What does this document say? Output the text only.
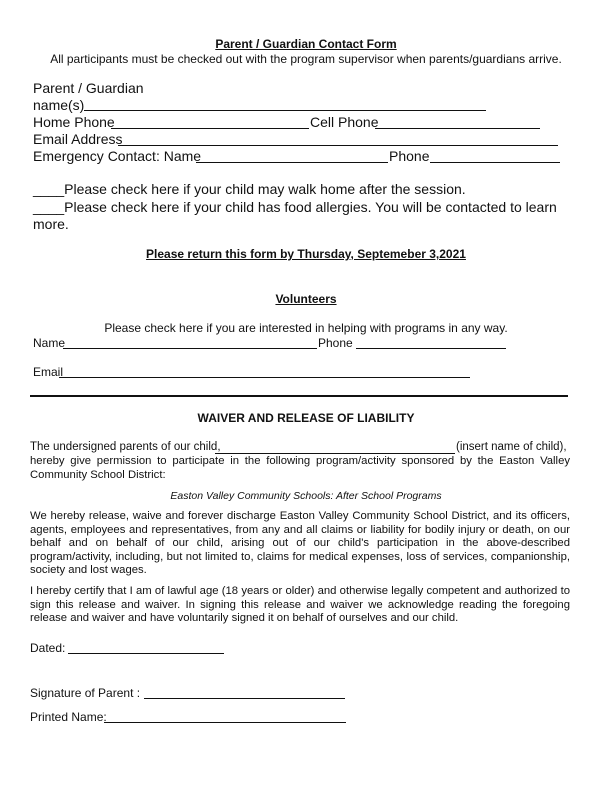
Parent / Guardian Contact Form
All participants must be checked out with the program supervisor when parents/guardians arrive.
Parent / Guardian
name(s)
Home Phone	Cell Phone
Email Address
Emergency Contact: Name	Phone
____Please check here if your child may walk home after the session.
____Please check here if your child has food allergies. You will be contacted to learn
more.
Please return this form by Thursday, Septemeber 3,2021
Volunteers
Please check here if you are interested in helping with programs in any way.
Name	Phone
Email
WAIVER AND RELEASE OF LIABILITY
The undersigned parents of our child,	(insert name of child),
hereby give permission to participate in the following program/activity sponsored by the Easton Valley Community School District:
Easton Valley Community Schools: After School Programs
We hereby release, waive and forever discharge Easton Valley Community School District, and its officers, agents, employees and representatives, from any and all claims or liability for bodily injury or death, on our behalf and on behalf of our child, arising out of our child's participation in the above-described program/activity, including, but not limited to, claims for medical expenses, loss of services, companionship, society and lost wages.
I hereby certify that I am of lawful age (18 years or older) and otherwise legally competent and authorized to sign this release and waiver. In signing this release and waiver we acknowledge reading the foregoing release and waiver and have voluntarily signed it on behalf of ourselves and our child.
Dated:
Signature of Parent :
Printed Name:
